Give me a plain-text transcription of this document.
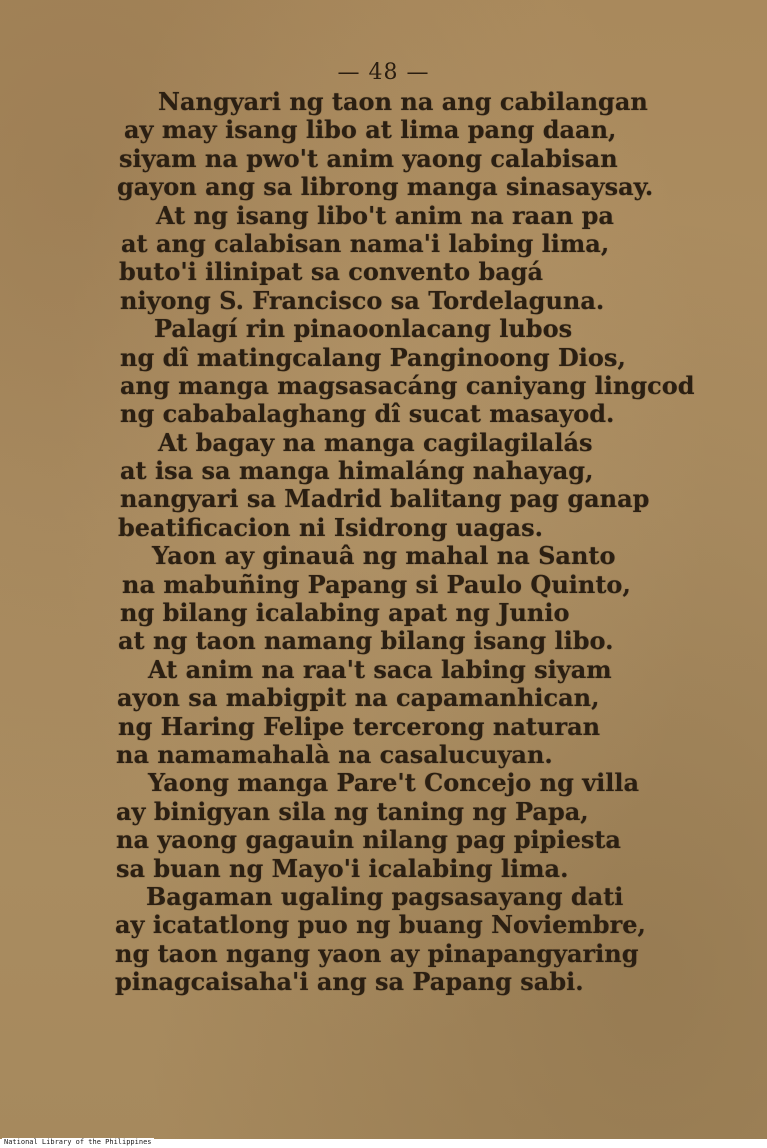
— 48 —
Nangyari ng taon na ang cabilangan
ay may isang libo at lima pang daan,
siyam na pwo't anim yaong calabisan
gayon ang sa librong manga sinasaysay.
At ng isang libo't anim na raan pa
at ang calabisan nama'i labing lima,
buto'i ilinipat sa convento bagá
niyong S. Francisco sa Tordelaguna.
Palagí rin pinaoonlacang lubos
ng dî matingcalang Panginoong Dios,
ang manga magsasacáng caniyang lingcod
ng cababalaghang dî sucat masayod.
At bagay na manga cagilagilalás
at isa sa manga himaláng nahayag,
nangyari sa Madrid balitang pag ganap
beatificacion ni Isidrong uagas.
Yaon ay ginauâ ng mahal na Santo
na mabuñing Papang si Paulo Quinto,
ng bilang icalabing apat ng Junio
at ng taon namang bilang isang libo.
At anim na raa't saca labing siyam
ayon sa mabigpit na capamanhican,
ng Haring Felipe tercerong naturan
na namamahalà na casalucuyan.
Yaong manga Pare't Concejo ng villa
ay binigyan sila ng taning ng Papa,
na yaong gagauin nilang pag pipiesta
sa buan ng Mayo'i icalabing lima.
Bagaman ugaling pagsasayang dati
ay icatatlong puo ng buang Noviembre,
ng taon ngang yaon ay pinapangyaring
pinagcaisaha'i ang sa Papang sabi.
National Library of the Philippines
